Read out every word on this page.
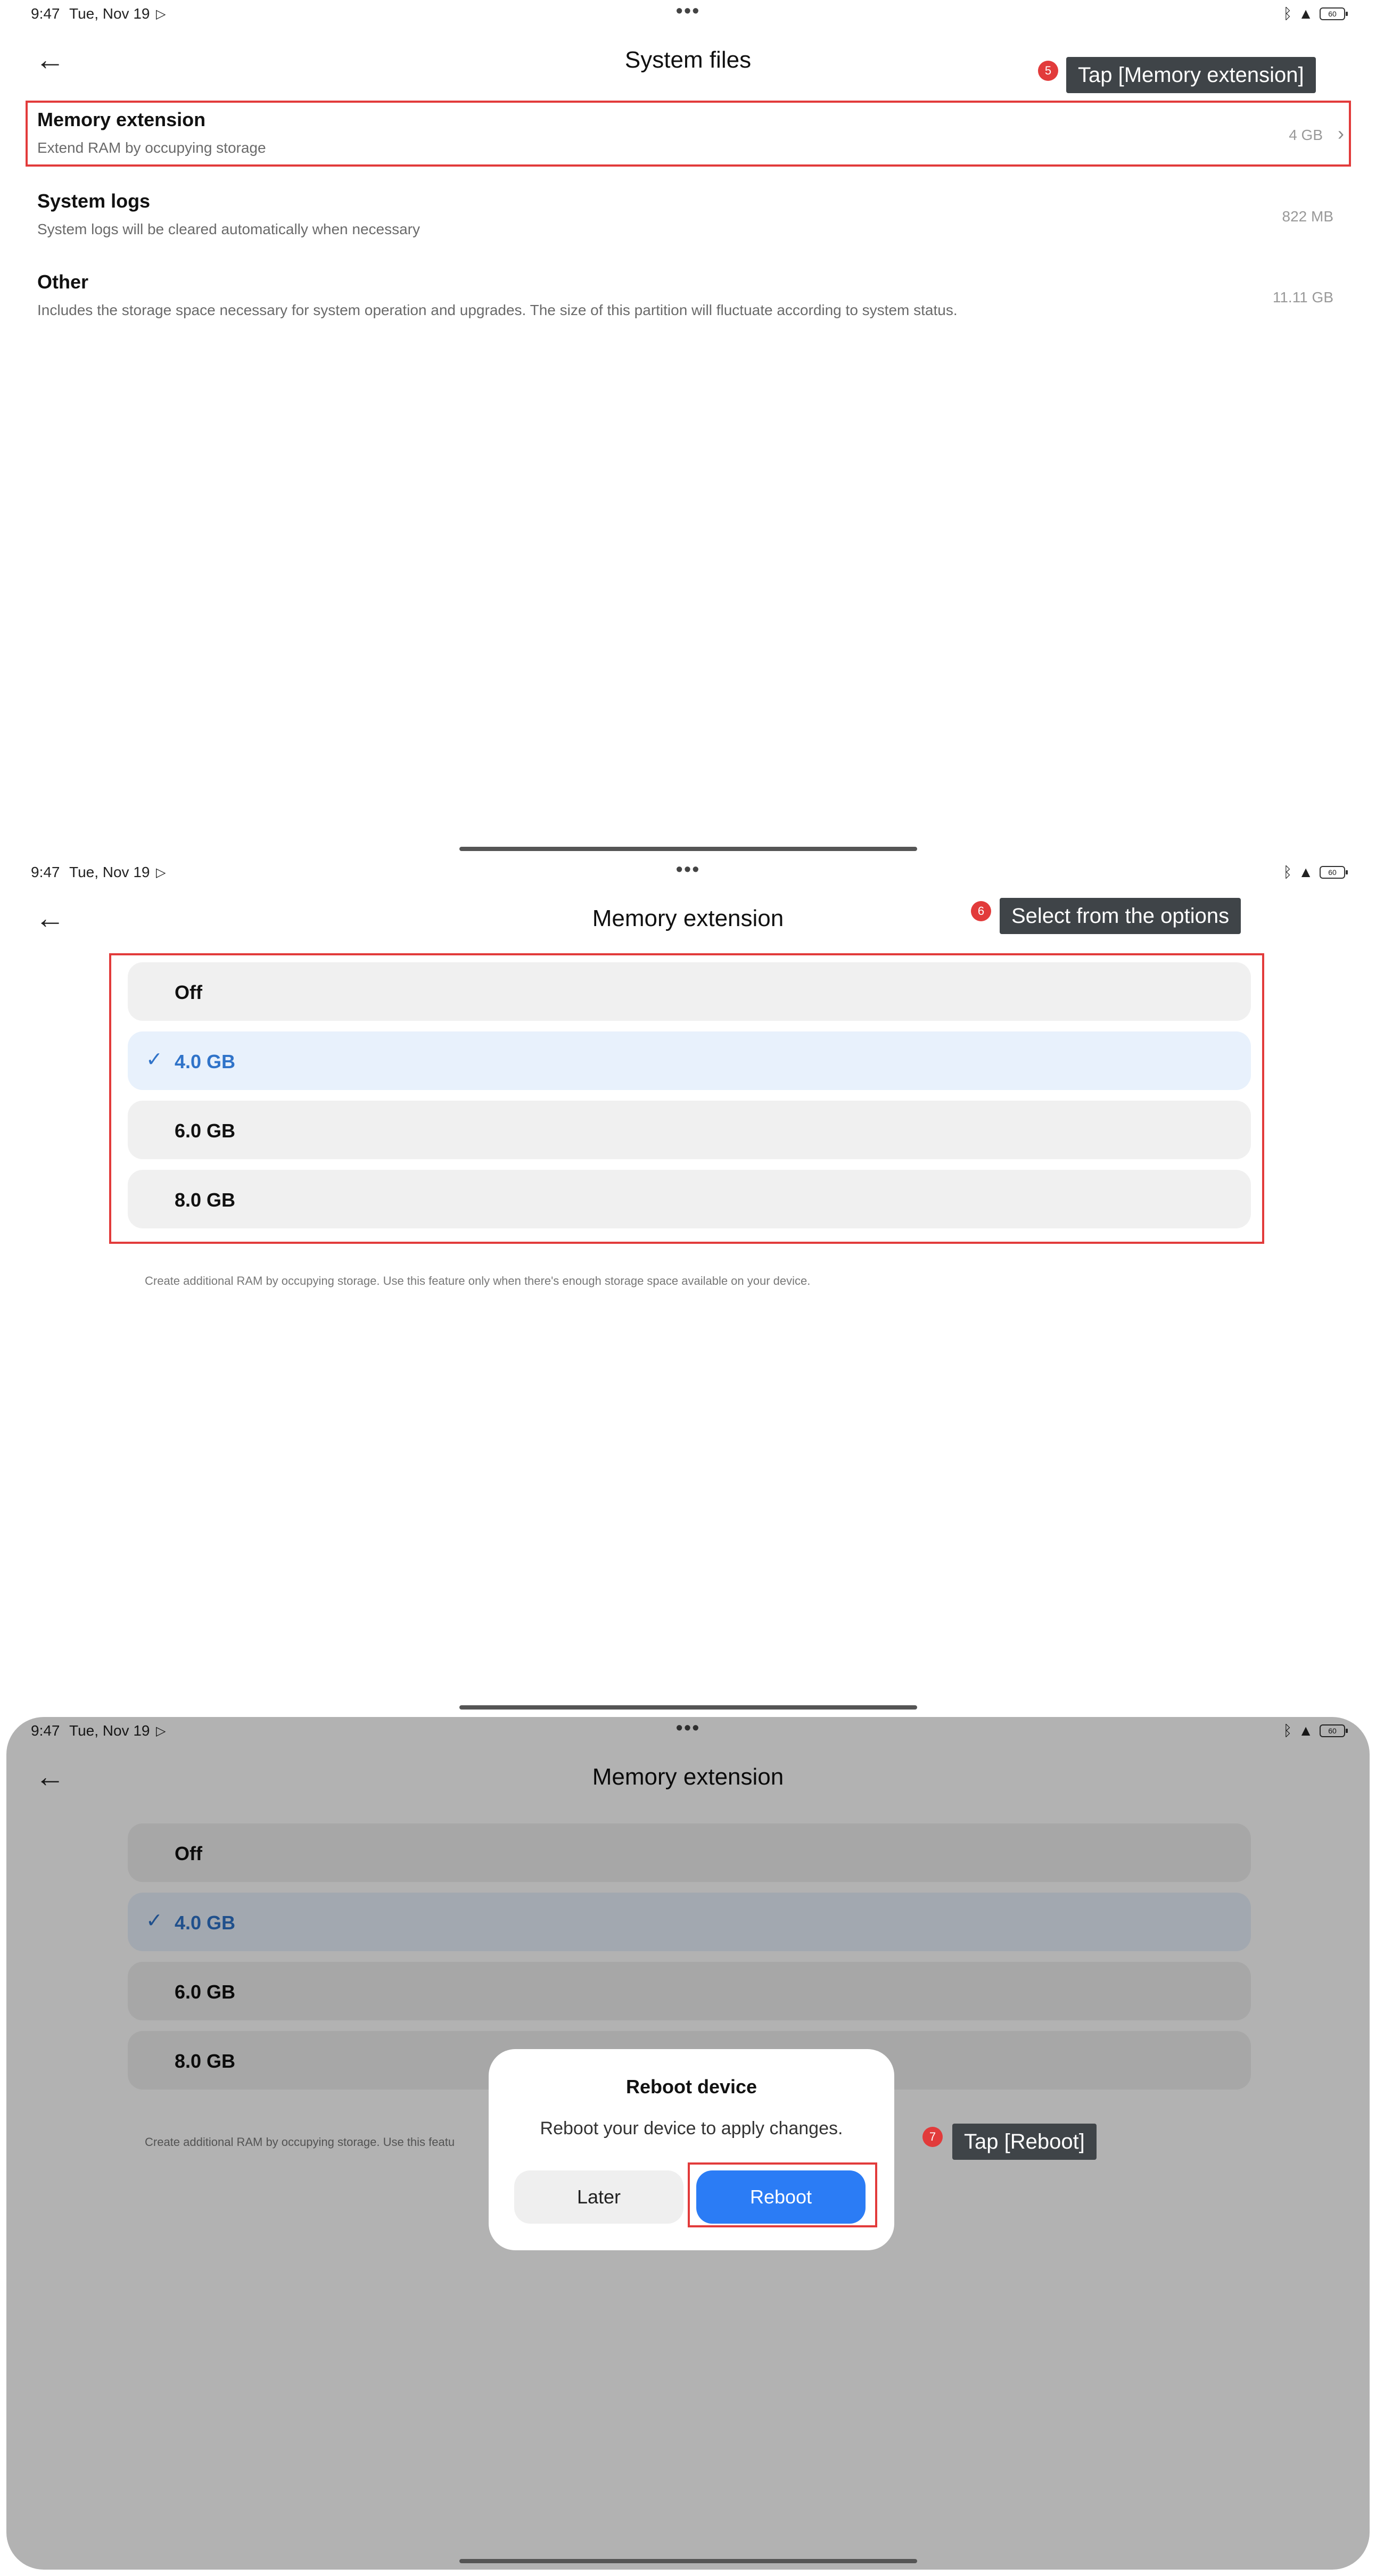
9:47 Tue, Nov 19 ▷	•••	ᛒ ▲	60
←	System files	5	Tap [Memory extension]
Memory extension
Extend RAM by occupying storage
4 GB ›
System logs
System logs will be cleared automatically when necessary
822 MB
Other
Includes the storage space necessary for system operation and upgrades. The size of this partition will fluctuate according to system status.
11.11 GB
9:47 Tue, Nov 19 ▷	•••	ᛒ ▲	60
←	Memory extension	6	Select from the options
Off
✓ 4.0 GB
6.0 GB
8.0 GB
Create additional RAM by occupying storage. Use this feature only when there's enough storage space available on your device.
9:47 Tue, Nov 19 ▷	•••	ᛒ ▲	60
←	Memory extension
Off
✓ 4.0 GB
6.0 GB
8.0 GB
Create additional RAM by occupying storage. Use this featu
Reboot device
Reboot your device to apply changes.
Later	Reboot
7	Tap [Reboot]
